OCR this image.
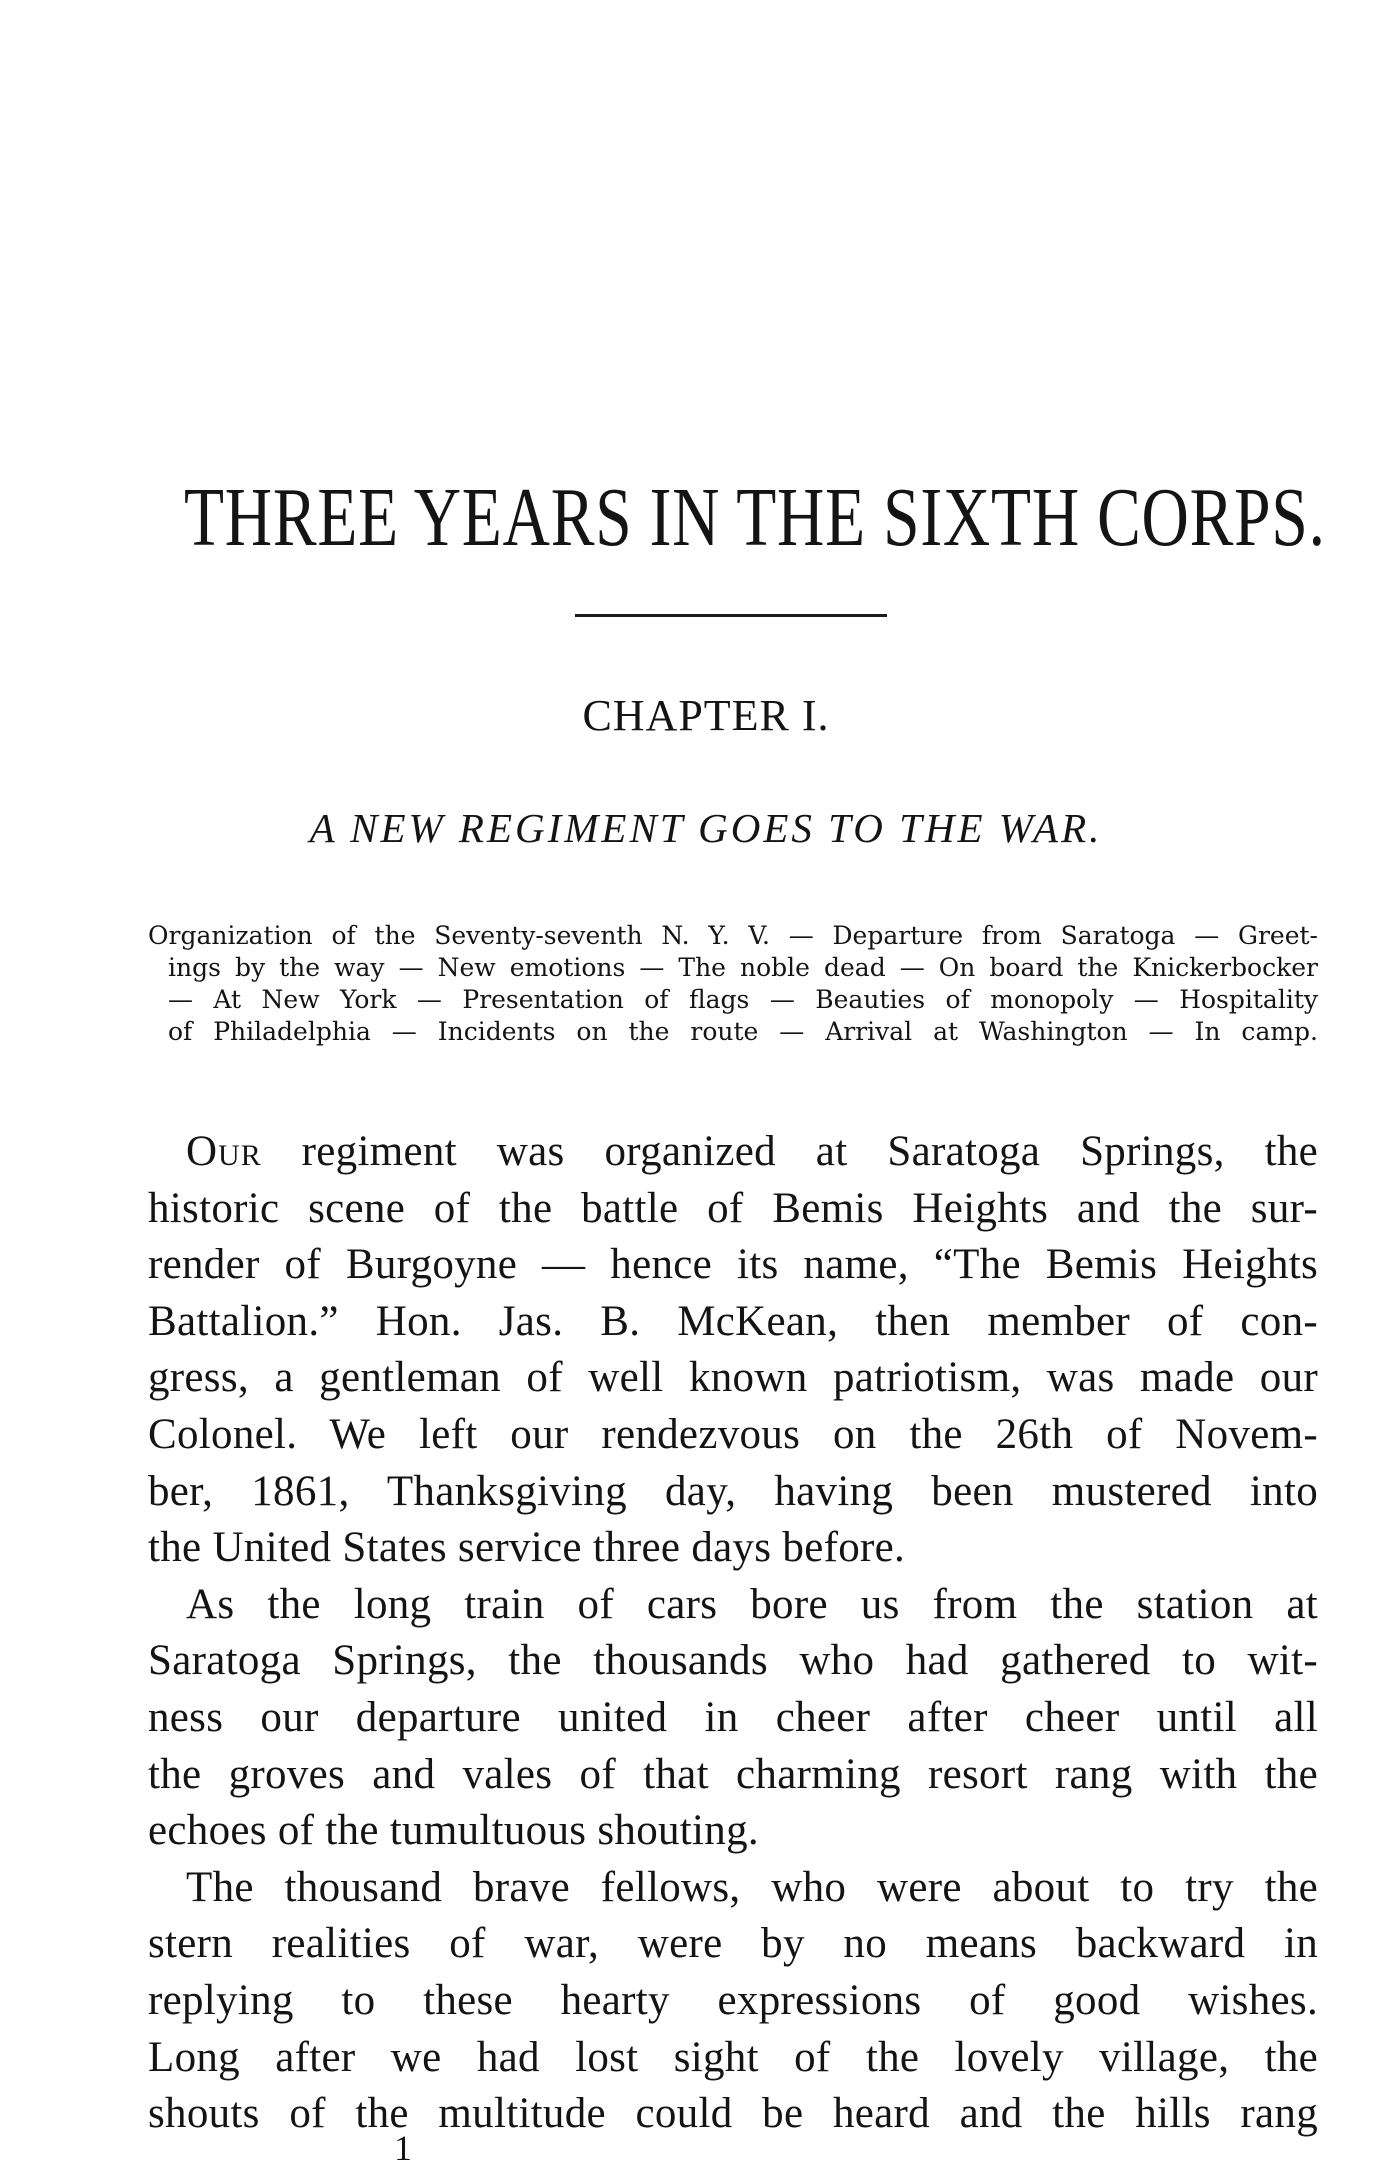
THREE YEARS IN THE SIXTH CORPS.
CHAPTER I.
A NEW REGIMENT GOES TO THE WAR.
Organization of the Seventy-seventh N. Y. V. — Departure from Saratoga — Greet-
ings by the way — New emotions — The noble dead — On board the Knickerbocker
— At New York — Presentation of flags — Beauties of monopoly — Hospitality
of Philadelphia — Incidents on the route — Arrival at Washington — In camp.
Our regiment was organized at Saratoga Springs, the
historic scene of the battle of Bemis Heights and the sur-
render of Burgoyne — hence its name, “The Bemis Heights
Battalion.” Hon. Jas. B. McKean, then member of con-
gress, a gentleman of well known patriotism, was made our
Colonel. We left our rendezvous on the 26th of Novem-
ber, 1861, Thanksgiving day, having been mustered into
the United States service three days before.
As the long train of cars bore us from the station at
Saratoga Springs, the thousands who had gathered to wit-
ness our departure united in cheer after cheer until all
the groves and vales of that charming resort rang with the
echoes of the tumultuous shouting.
The thousand brave fellows, who were about to try the
stern realities of war, were by no means backward in
replying to these hearty expressions of good wishes.
Long after we had lost sight of the lovely village, the
shouts of the multitude could be heard and the hills rang

1
